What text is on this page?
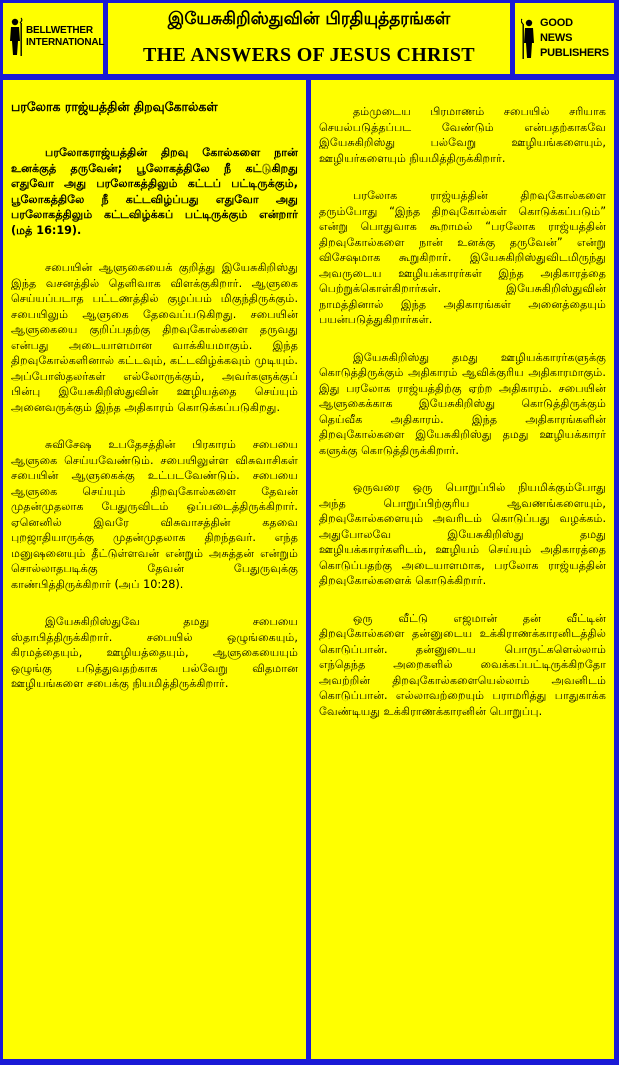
BELLWETHER INTERNATIONAL
இயேசுகிறிஸ்துவின் பிரதியுத்தரங்கள்
THE ANSWERS OF JESUS CHRIST
GOOD NEWS PUBLISHERS
பரலோக ராஜ்யத்தின் திறவுகோல்கள்

பரலோகராஜ்யத்தின் திறவு கோல்களை நான் உனக்குத் தருவேன்; பூலோகத்திலே நீ கட்டுகிறது எதுவோ அது பரலோகத்திலும் கட்டப் பட்டிருக்கும், பூலோகத்திலே நீ கட்டவிழ்ப்பது எதுவோ அது பரலோகத்திலும் கட்டவிழ்க்கப் பட்டிருக்கும் என்றார் (மத் 16:19).

சபையின் ஆளுகையைக் குறித்து இயேசுகிறிஸ்து இந்த வசனத்தில் தெளிவாக விளக்குகிறார். ஆளுகை செய்யப்படாத பட்டணத்தில் குழப்பம் மிகுந்திருக்கும். சபையிலும் ஆளுகை தேவைப்படுகிறது. சபையின் ஆளுகையை குறிப்பதற்கு திறவுகோல்களை தருவது என்பது அடையாளமான வாக்கியமாகும். இந்த திறவுகோல்களினால் கட்டவும், கட்டவிழ்க்கவும் முடியும். அப்போஸ்தலர்கள் எல்லோருக்கும், அவர்களுக்குப் பின்பு இயேசுகிறிஸ்துவின் ஊழியத்தை செய்யும் அனைவருக்கும் இந்த அதிகாரம் கொடுக்கப்படுகிறது.

சுவிசேஷ உபதேசத்தின் பிரகாரம் சபையை ஆளுகை செய்யவேண்டும். சபையிலுள்ள விசுவாசிகள் சபையின் ஆளுகைக்கு உட்படவேண்டும். சபையை ஆளுகை செய்யும் திறவுகோல்களை தேவன் முதன்முதலாக பேதுருவிடம் ஒப்படைத்திருக்கிறார். ஏனெனில் இவரே விசுவாசத்தின் கதவை புறஜாதியாருக்கு முதன்முதலாக திறந்தவர். எந்த மனுஷனையும் தீட்டுள்ளவன் என்றும் அசுத்தன் என்றும் சொல்லாதபடிக்கு தேவன் பேதுருவுக்கு காண்பித்திருக்கிறார் (அப் 10:28).

இயேசுகிறிஸ்துவே தமது சபையை ஸ்தாபித்திருக்கிறார். சபையில் ஒழுங்கையும், கிரமத்தையும், ஊழியத்தையும், ஆளுகையையும் ஒழுங்கு படுத்துவதற்காக பல்வேறு விதமான ஊழியங்களை சபைக்கு நியமித்திருக்கிறார்.

தம்முடைய பிரமாணம் சபையில் சரியாக செயல்படுத்தப்பட வேண்டும் என்பதற்காகவே இயேசுகிறிஸ்து பல்வேறு ஊழியங்களையும், ஊழியர்களையும் நியமித்திருக்கிறார்.

பரலோக ராஜ்யத்தின் திறவுகோல்களை தரும்போது “இந்த திறவுகோல்கள் கொடுக்கப்படும்” என்று பொதுவாக கூறாமல் “பரலோக ராஜ்யத்தின் திறவுகோல்களை நான் உனக்கு தருவேன்” என்று விசேஷமாக கூறுகிறார். இயேசுகிறிஸ்துவிடமிருந்து அவருடைய ஊழியக்காரர்கள் இந்த அதிகாரத்தை பெற்றுக்கொள்கிறார்கள். இயேசுகிறிஸ்துவின் நாமத்தினால் இந்த அதிகாரங்கள் அனைத்தையும் பயன்படுத்துகிறார்கள்.

இயேசுகிறிஸ்து தமது ஊழியக்காரர்களுக்கு கொடுத்திருக்கும் அதிகாரம் ஆவிக்குரிய அதிகாரமாகும். இது பரலோக ராஜ்யத்திற்கு ஏற்ற அதிகாரம். சபையின் ஆளுகைக்காக இயேசுகிறிஸ்து கொடுத்திருக்கும் தெய்வீக அதிகாரம். இந்த அதிகாரங்களின் திறவுகோல்களை இயேசுகிறிஸ்து தமது ஊழியக்காரர் களுக்கு கொடுத்திருக்கிறார்.

ஒருவரை ஒரு பொறுப்பில் நியமிக்கும்போது அந்த பொறுப்பிற்குரிய ஆவணங்களையும், திறவுகோல்களையும் அவரிடம் கொடுப்பது வழக்கம். அதுபோலவே இயேசுகிறிஸ்து தமது ஊழியக்காரர்களிடம், ஊழியம் செய்யும் அதிகாரத்தை கொடுப்பதற்கு அடையாளமாக, பரலோக ராஜ்யத்தின் திறவுகோல்களைக் கொடுக்கிறார்.

ஒரு வீட்டு எஜமான் தன் வீட்டின் திறவுகோல்களை தன்னுடைய உக்கிராணக்காரனிடத்தில் கொடுப்பான். தன்னுடைய பொருட்களெல்லாம் எந்தெந்த அறைகளில் வைக்கப்பட்டிருக்கிறதோ அவற்றின் திறவுகோல்களையெல்லாம் அவனிடம் கொடுப்பான். எல்லாவற்றையும் பராமரித்து பாதுகாக்க வேண்டியது உக்கிராணக்காரனின் பொறுப்பு.
